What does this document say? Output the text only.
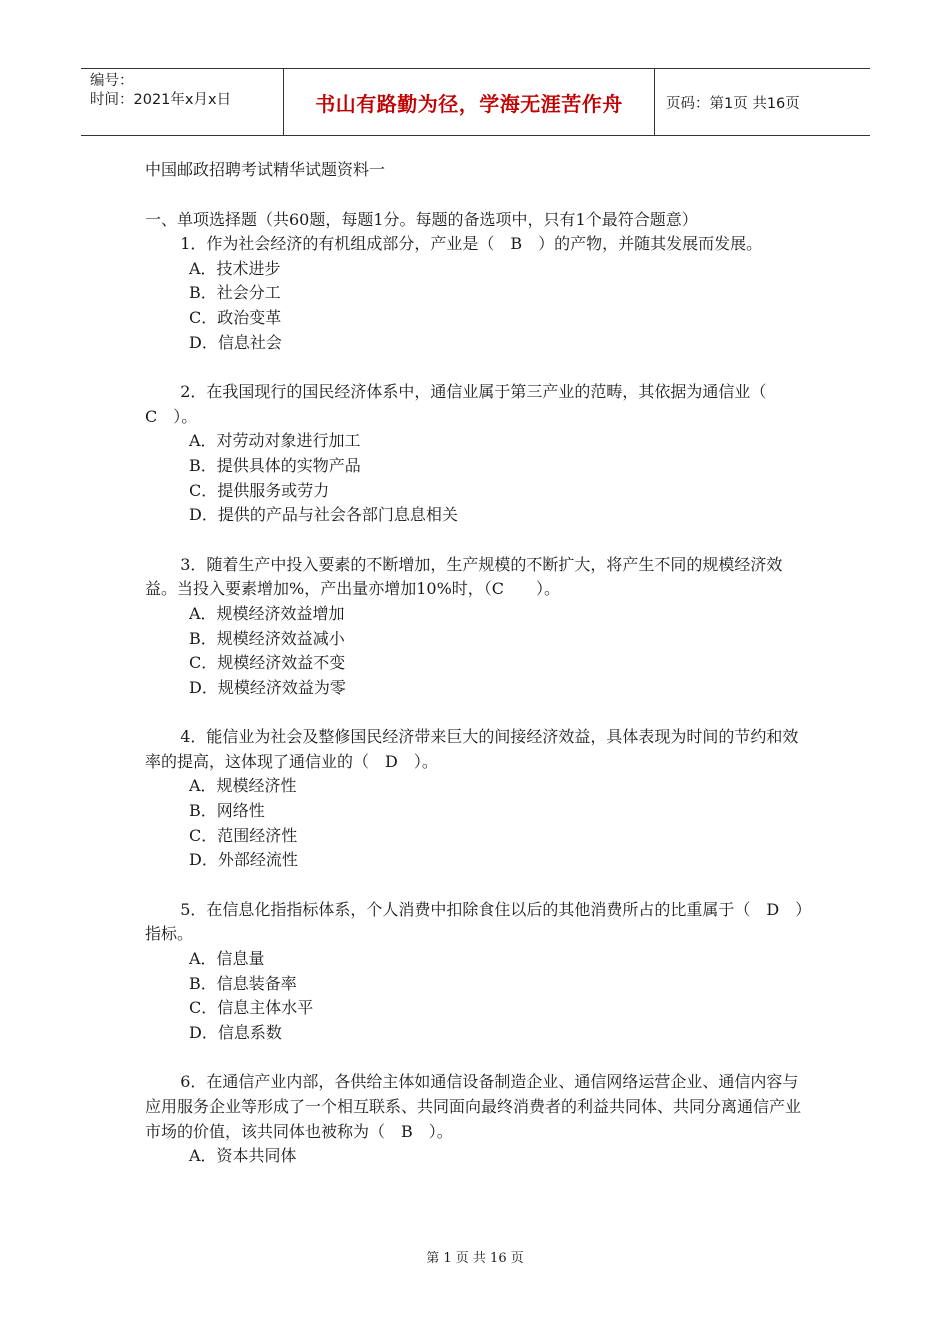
编号：
时间：2021年x月x日	书山有路勤为径，学海无涯苦作舟	页码：第1页 共16页

中国邮政招聘考试精华试题资料一

一、单项选择题（共60题，每题1分。每题的备选项中，只有1个最符合题意）

1．作为社会经济的有机组成部分，产业是（　B　）的产物，并随其发展而发展。

A．技术进步

B．社会分工

C．政治变革

D．信息社会

2．在我国现行的国民经济体系中，通信业属于第三产业的范畴，其依据为通信业（　C　）。

A．对劳动对象进行加工

B．提供具体的实物产品

C．提供服务或劳力

D．提供的产品与社会各部门息息相关

3．随着生产中投入要素的不断增加，生产规模的不断扩大，将产生不同的规模经济效益。当投入要素增加%，产出量亦增加10%时，（C　　）。

A．规模经济效益增加

B．规模经济效益减小

C．规模经济效益不变

D．规模经济效益为零

4．能信业为社会及整修国民经济带来巨大的间接经济效益，具体表现为时间的节约和效率的提高，这体现了通信业的（　D　）。

A．规模经济性

B．网络性

C．范围经济性

D．外部经流性

5．在信息化指指标体系，个人消费中扣除食住以后的其他消费所占的比重属于（　D　）指标。

A．信息量

B．信息装备率

C．信息主体水平

D．信息系数

6．在通信产业内部，各供给主体如通信设备制造企业、通信网络运营企业、通信内容与应用服务企业等形成了一个相互联系、共同面向最终消费者的利益共同体、共同分离通信产业市场的价值，该共同体也被称为（　B　）。

A．资本共同体

第 1 页 共 16 页
